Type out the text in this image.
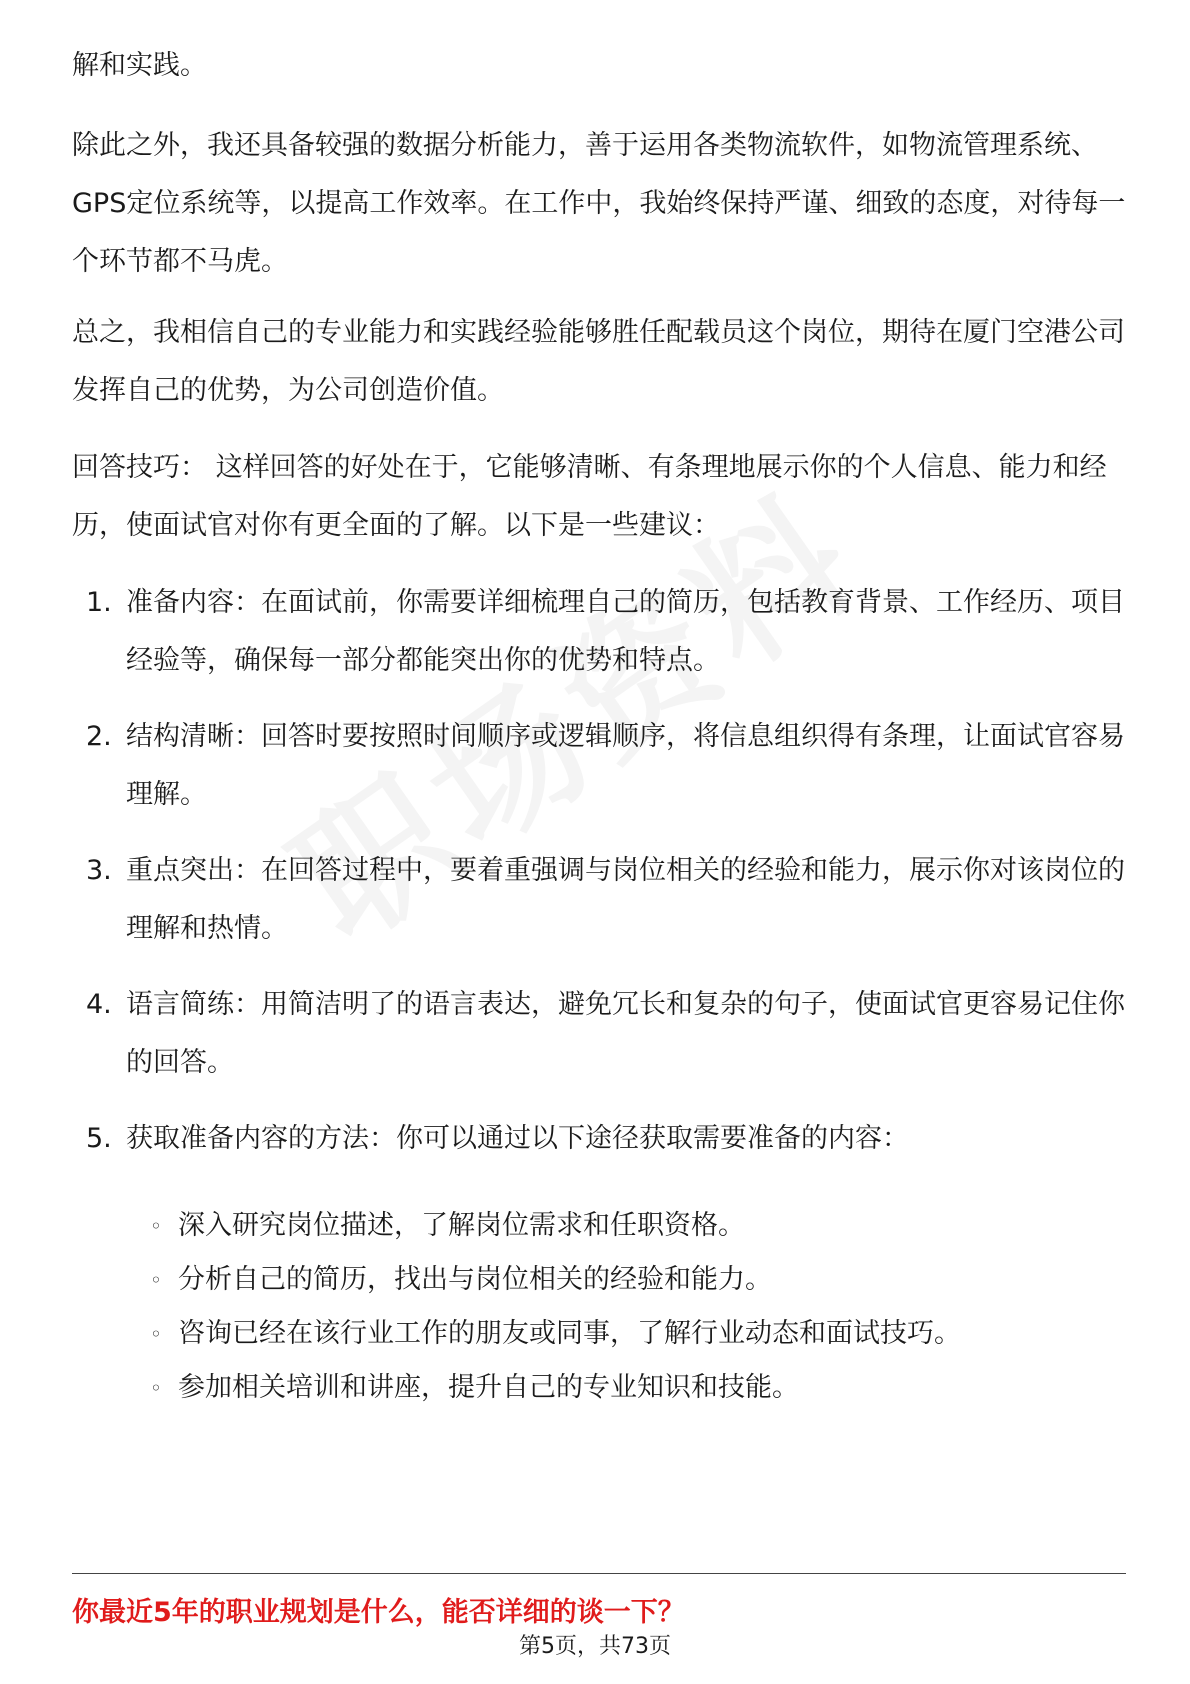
解和实践。

除此之外，我还具备较强的数据分析能力，善于运用各类物流软件，如物流管理系统、GPS定位系统等，以提高工作效率。在工作中，我始终保持严谨、细致的态度，对待每一个环节都不马虎。

总之，我相信自己的专业能力和实践经验能够胜任配载员这个岗位，期待在厦门空港公司发挥自己的优势，为公司创造价值。

回答技巧： 这样回答的好处在于，它能够清晰、有条理地展示你的个人信息、能力和经历，使面试官对你有更全面的了解。以下是一些建议：

1. 准备内容：在面试前，你需要详细梳理自己的简历，包括教育背景、工作经历、项目经验等，确保每一部分都能突出你的优势和特点。

2. 结构清晰：回答时要按照时间顺序或逻辑顺序，将信息组织得有条理，让面试官容易理解。

3. 重点突出：在回答过程中，要着重强调与岗位相关的经验和能力，展示你对该岗位的理解和热情。

4. 语言简练：用简洁明了的语言表达，避免冗长和复杂的句子，使面试官更容易记住你的回答。

5. 获取准备内容的方法：你可以通过以下途径获取需要准备的内容：

◦ 深入研究岗位描述，了解岗位需求和任职资格。
◦ 分析自己的简历，找出与岗位相关的经验和能力。
◦ 咨询已经在该行业工作的朋友或同事，了解行业动态和面试技巧。
◦ 参加相关培训和讲座，提升自己的专业知识和技能。
你最近5年的职业规划是什么，能否详细的谈一下？
第5页，共73页
